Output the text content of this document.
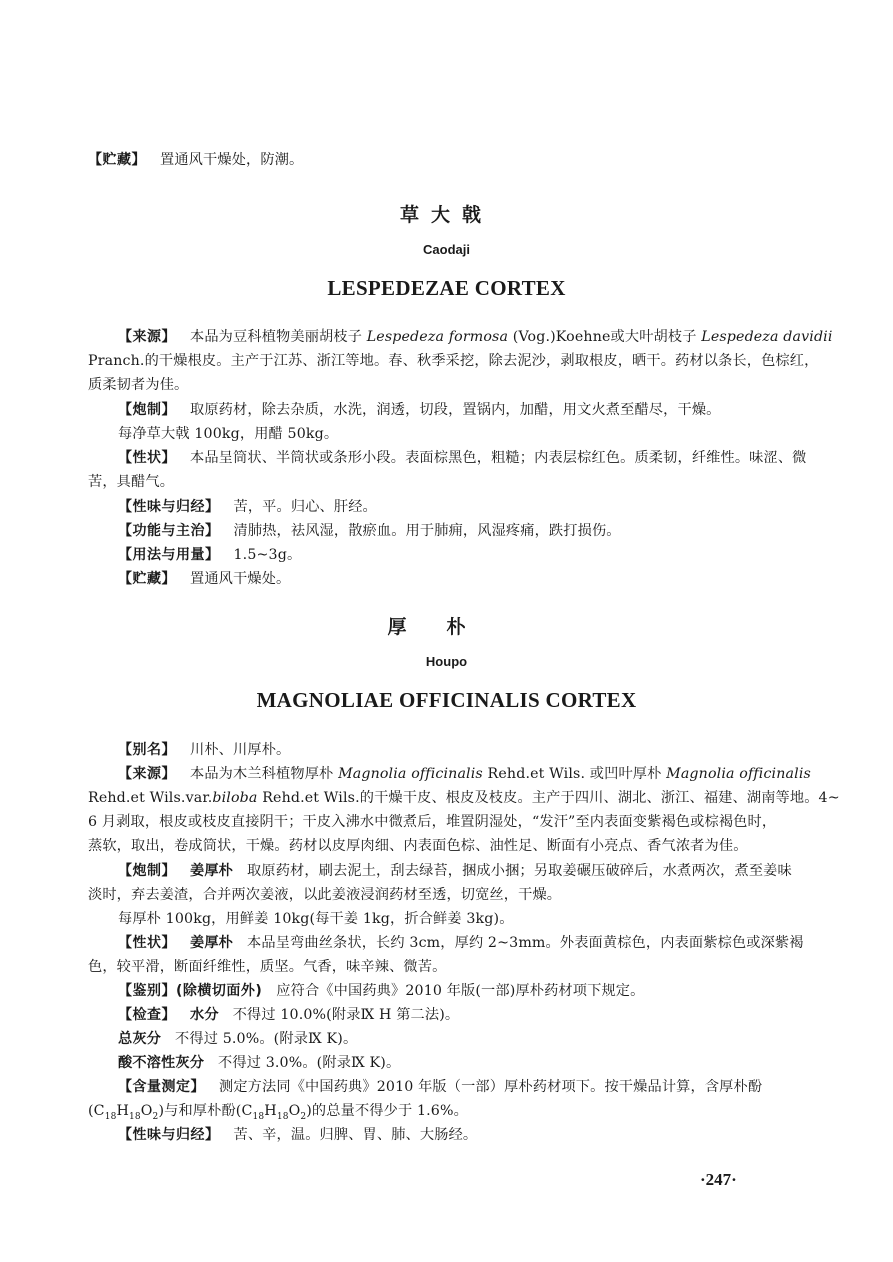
【贮藏】 置通风干燥处，防潮。
草大戟
Caodaji
LESPEDEZAE CORTEX
【来源】 本品为豆科植物美丽胡枝子 Lespedeza formosa (Vog.)Koehne或大叶胡枝子 Lespedeza davidii
Pranch.的干燥根皮。主产于江苏、浙江等地。春、秋季采挖，除去泥沙，剥取根皮，晒干。药材以条长，色棕红，
质柔韧者为佳。
【炮制】 取原药材，除去杂质，水洗，润透，切段，置锅内，加醋，用文火煮至醋尽，干燥。
每净草大戟 100kg，用醋 50kg。
【性状】 本品呈筒状、半筒状或条形小段。表面棕黑色，粗糙；内表层棕红色。质柔韧，纤维性。味涩、微
苦，具醋气。
【性味与归经】 苦，平。归心、肝经。
【功能与主治】 清肺热，祛风湿，散瘀血。用于肺痈，风湿疼痛，跌打损伤。
【用法与用量】 1.5~3g。
【贮藏】 置通风干燥处。
厚朴
Houpo
MAGNOLIAE OFFICINALIS CORTEX
【别名】 川朴、川厚朴。
【来源】 本品为木兰科植物厚朴 Magnolia officinalis Rehd.et Wils. 或凹叶厚朴 Magnolia officinalis
Rehd.et Wils.var.biloba Rehd.et Wils.的干燥干皮、根皮及枝皮。主产于四川、湖北、浙江、福建、湖南等地。4~
6 月剥取，根皮或枝皮直接阴干；干皮入沸水中微煮后，堆置阴湿处，“发汗”至内表面变紫褐色或棕褐色时，
蒸软，取出，卷成筒状，干燥。药材以皮厚肉细、内表面色棕、油性足、断面有小亮点、香气浓者为佳。
【炮制】 姜厚朴 取原药材，刷去泥土，刮去绿苔，捆成小捆；另取姜碾压破碎后，水煮两次，煮至姜味
淡时，弃去姜渣，合并两次姜液，以此姜液浸润药材至透，切宽丝，干燥。
每厚朴 100kg，用鲜姜 10kg(每干姜 1kg，折合鲜姜 3kg)。
【性状】 姜厚朴 本品呈弯曲丝条状，长约 3cm，厚约 2~3mm。外表面黄棕色，内表面紫棕色或深紫褐
色，较平滑，断面纤维性，质坚。气香，味辛辣、微苦。
【鉴别】(除横切面外) 应符合《中国药典》2010 年版(一部)厚朴药材项下规定。
【检查】 水分 不得过 10.0%(附录Ⅸ H 第二法)。
总灰分 不得过 5.0%。(附录Ⅸ K)。
酸不溶性灰分 不得过 3.0%。(附录Ⅸ K)。
【含量测定】 测定方法同《中国药典》2010 年版（一部）厚朴药材项下。按干燥品计算，含厚朴酚
$(C_{18}H_{18}O_2)$与和厚朴酚$(C_{18}H_{18}O_2)$的总量不得少于 1.6%。
【性味与归经】 苦、辛，温。归脾、胃、肺、大肠经。
·247·
